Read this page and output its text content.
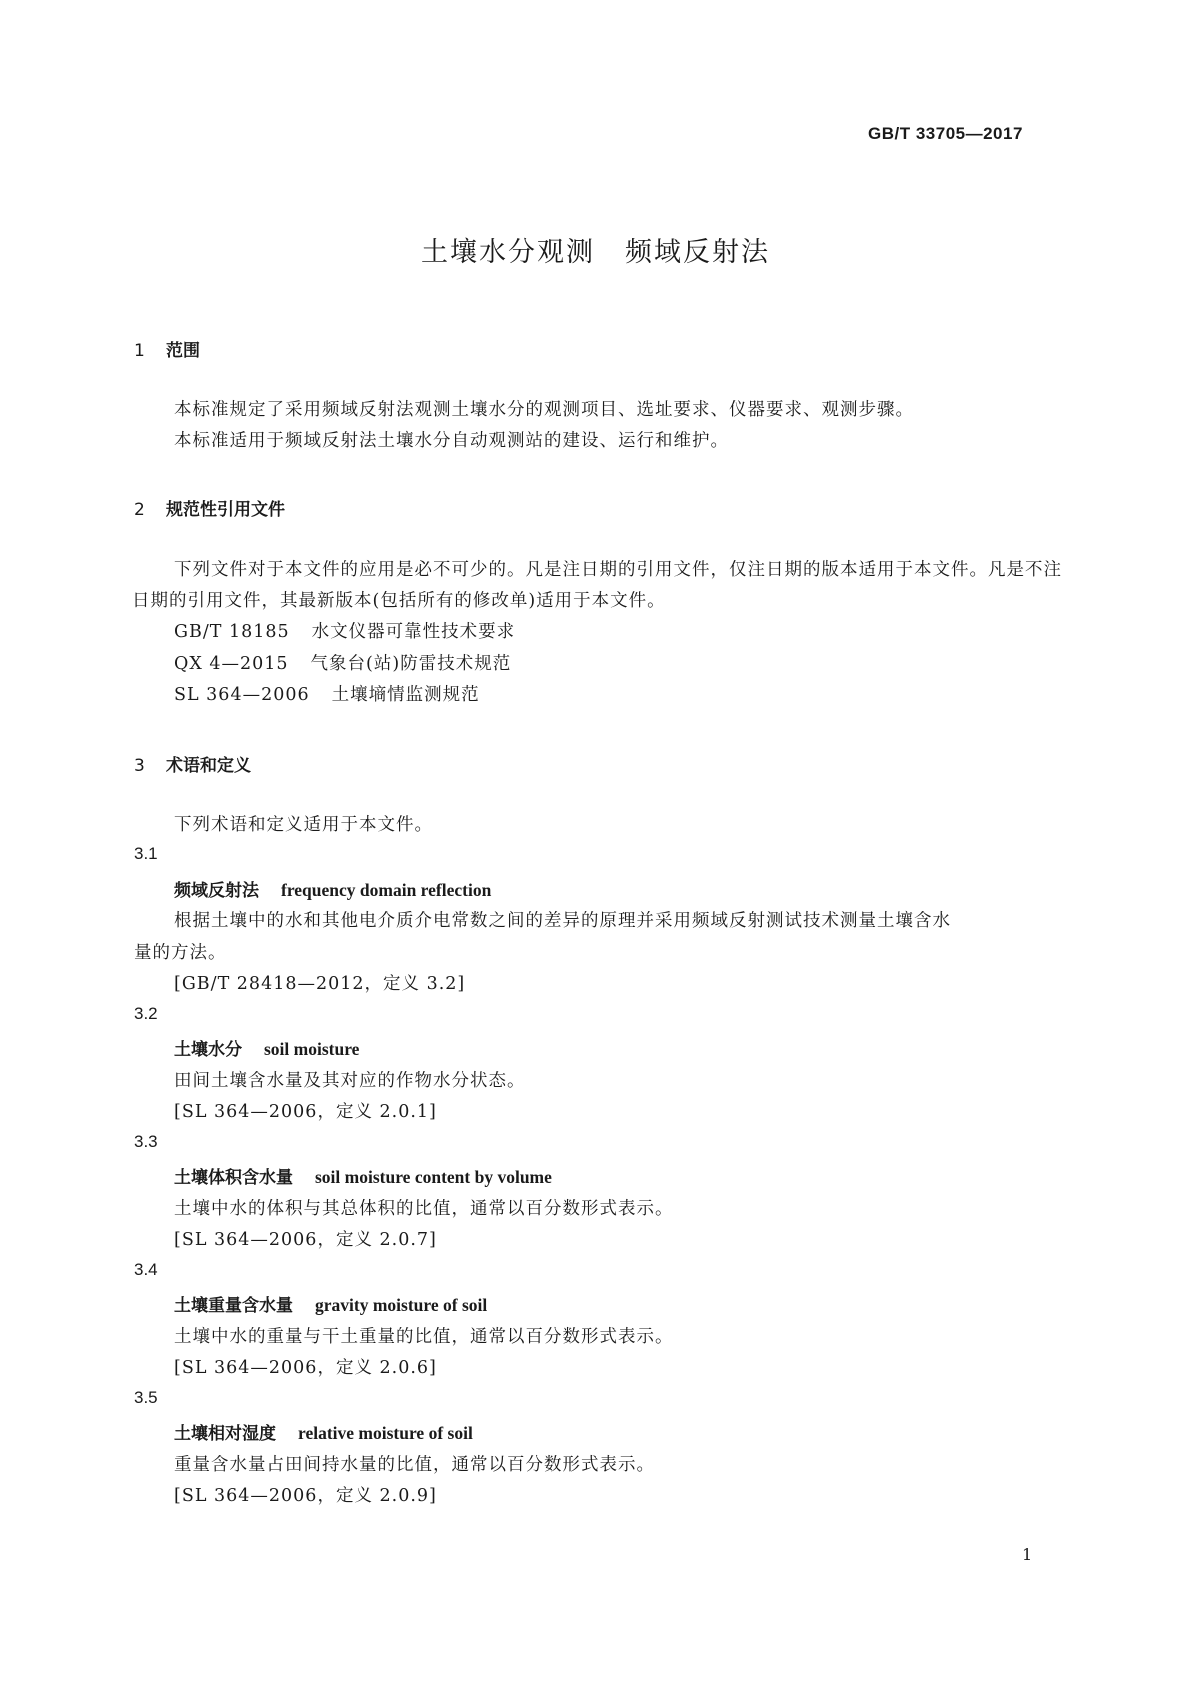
GB/T 33705—2017
土壤水分观测 频域反射法
1 范围
本标准规定了采用频域反射法观测土壤水分的观测项目、选址要求、仪器要求、观测步骤。
本标准适用于频域反射法土壤水分自动观测站的建设、运行和维护。
2 规范性引用文件
下列文件对于本文件的应用是必不可少的。凡是注日期的引用文件，仅注日期的版本适用于本文件。凡是不注日期的引用文件，其最新版本(包括所有的修改单)适用于本文件。
GB/T 18185 水文仪器可靠性技术要求
QX 4—2015 气象台(站)防雷技术规范
SL 364—2006 土壤墒情监测规范
3 术语和定义
下列术语和定义适用于本文件。
3.1
频域反射法 frequency domain reflection
根据土壤中的水和其他电介质介电常数之间的差异的原理并采用频域反射测试技术测量土壤含水
量的方法。
[GB/T 28418—2012，定义 3.2]
3.2
土壤水分 soil moisture
田间土壤含水量及其对应的作物水分状态。
[SL 364—2006，定义 2.0.1]
3.3
土壤体积含水量 soil moisture content by volume
土壤中水的体积与其总体积的比值，通常以百分数形式表示。
[SL 364—2006，定义 2.0.7]
3.4
土壤重量含水量 gravity moisture of soil
土壤中水的重量与干土重量的比值，通常以百分数形式表示。
[SL 364—2006，定义 2.0.6]
3.5
土壤相对湿度 relative moisture of soil
重量含水量占田间持水量的比值，通常以百分数形式表示。
[SL 364—2006，定义 2.0.9]
1
